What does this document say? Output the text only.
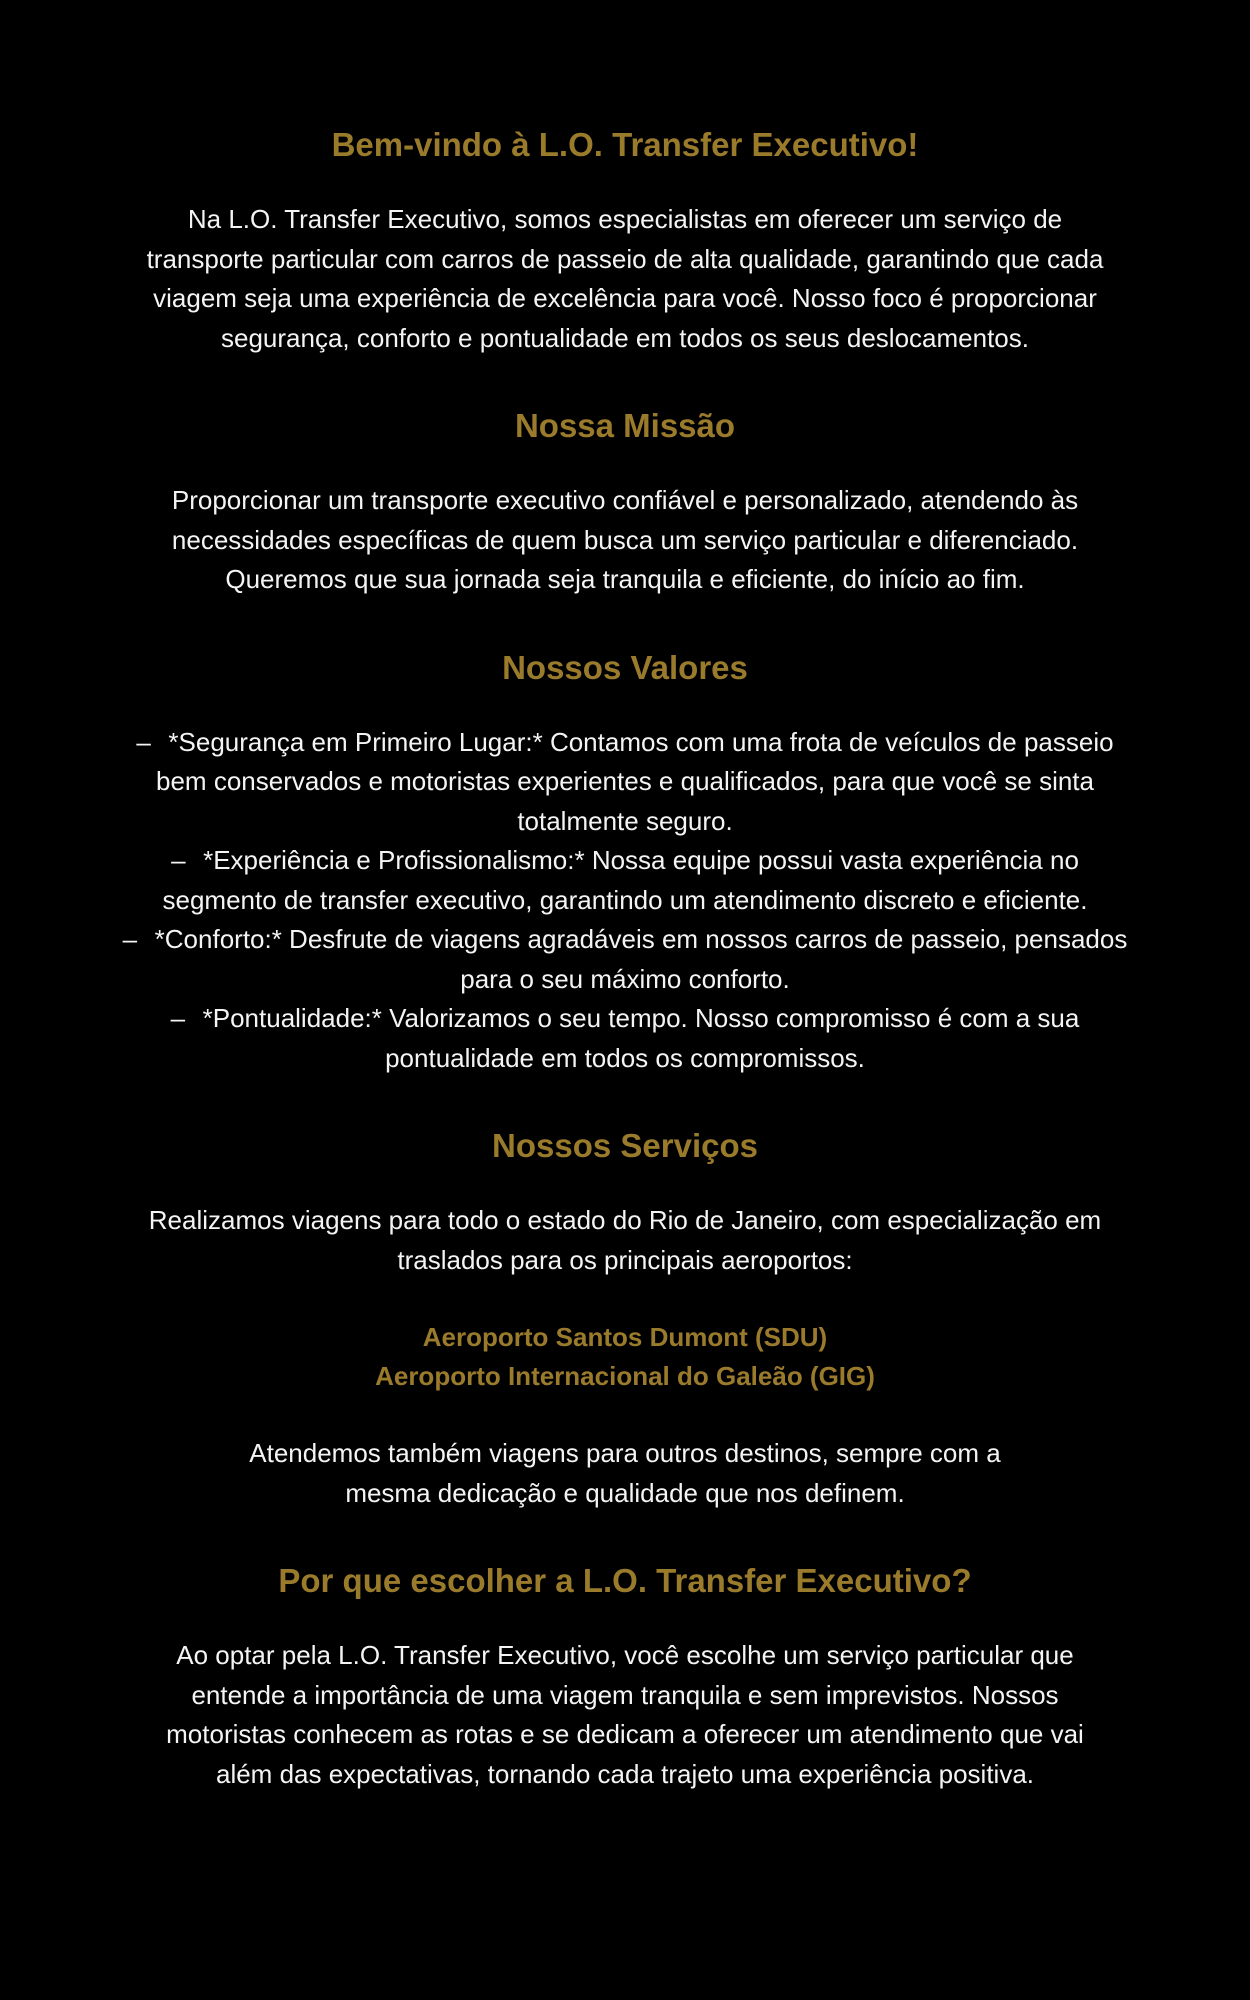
Bem-vindo à L.O. Transfer Executivo!

Na L.O. Transfer Executivo, somos especialistas em oferecer um serviço de transporte particular com carros de passeio de alta qualidade, garantindo que cada viagem seja uma experiência de excelência para você. Nosso foco é proporcionar segurança, conforto e pontualidade em todos os seus deslocamentos.

Nossa Missão

Proporcionar um transporte executivo confiável e personalizado, atendendo às necessidades específicas de quem busca um serviço particular e diferenciado. Queremos que sua jornada seja tranquila e eficiente, do início ao fim.

Nossos Valores
– *Segurança em Primeiro Lugar:* Contamos com uma frota de veículos de passeio bem conservados e motoristas experientes e qualificados, para que você se sinta totalmente seguro.
– *Experiência e Profissionalismo:* Nossa equipe possui vasta experiência no segmento de transfer executivo, garantindo um atendimento discreto e eficiente.
– *Conforto:* Desfrute de viagens agradáveis em nossos carros de passeio, pensados para o seu máximo conforto.
– *Pontualidade:* Valorizamos o seu tempo. Nosso compromisso é com a sua pontualidade em todos os compromissos.
Nossos Serviços

Realizamos viagens para todo o estado do Rio de Janeiro, com especialização em traslados para os principais aeroportos:

Aeroporto Santos Dumont (SDU)
Aeroporto Internacional do Galeão (GIG)

Atendemos também viagens para outros destinos, sempre com a mesma dedicação e qualidade que nos definem.

Por que escolher a L.O. Transfer Executivo?

Ao optar pela L.O. Transfer Executivo, você escolhe um serviço particular que entende a importância de uma viagem tranquila e sem imprevistos. Nossos motoristas conhecem as rotas e se dedicam a oferecer um atendimento que vai além das expectativas, tornando cada trajeto uma experiência positiva.
